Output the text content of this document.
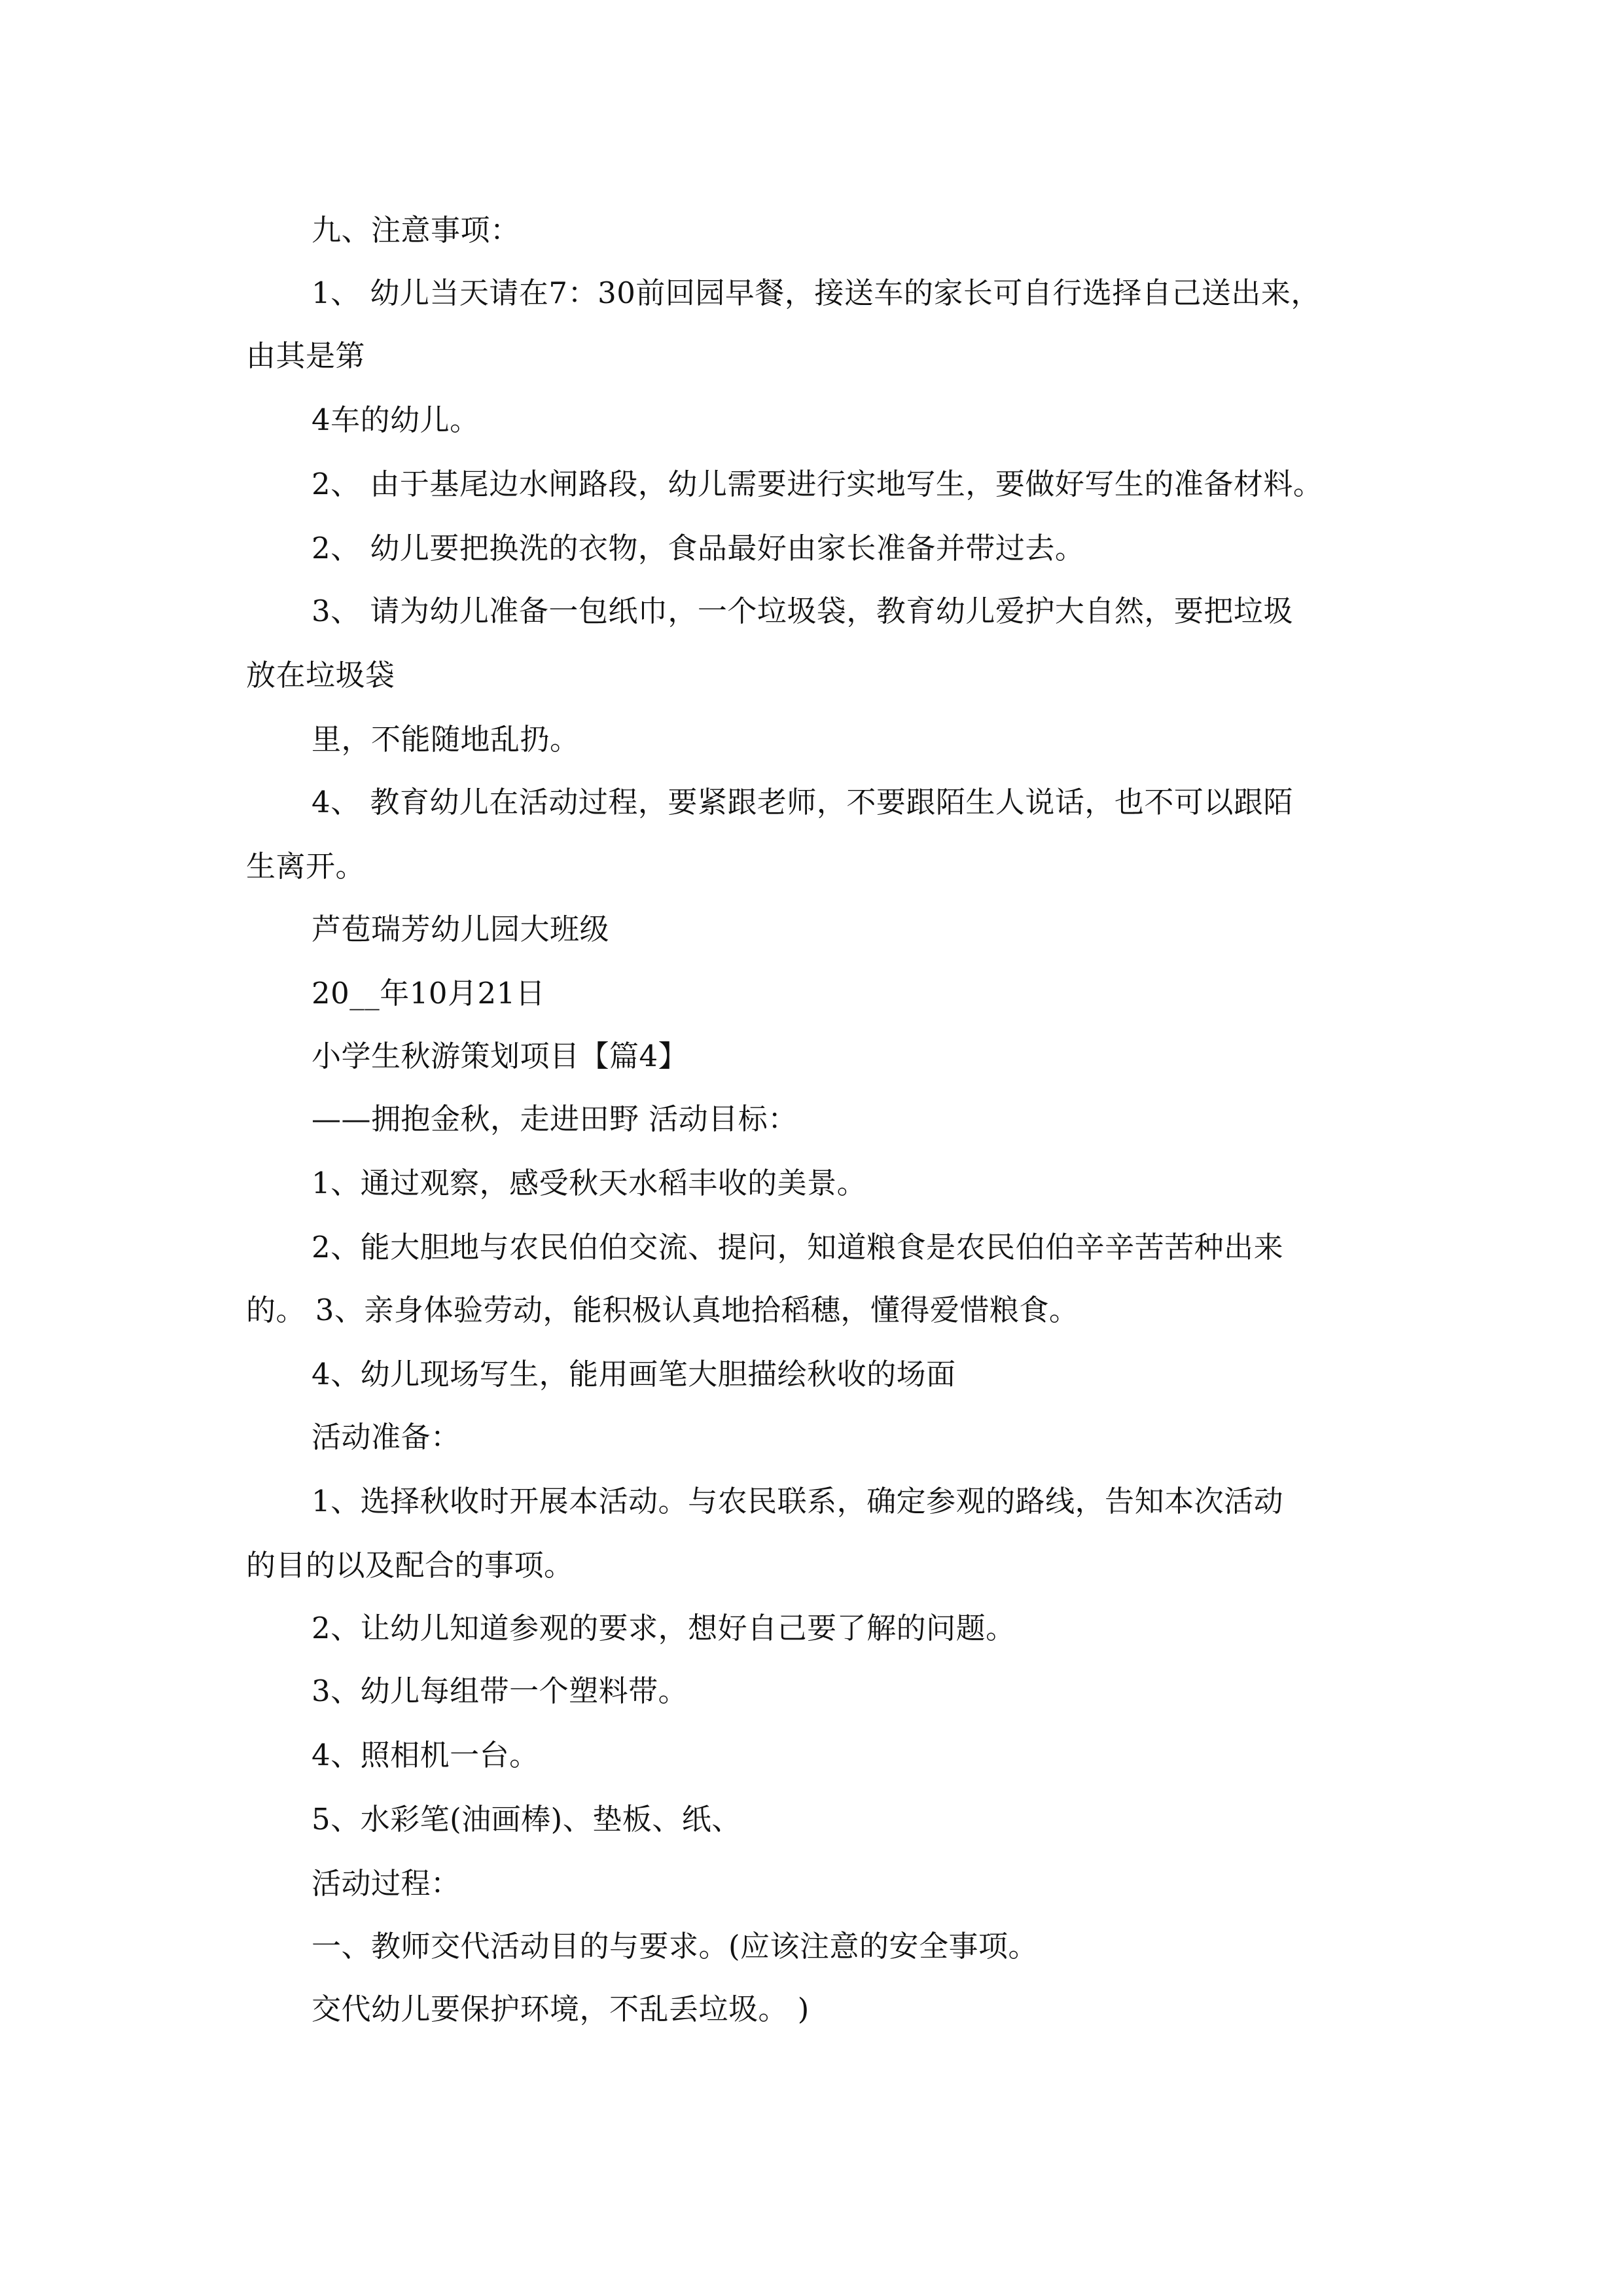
九、注意事项：
1、 幼儿当天请在7：30前回园早餐，接送车的家长可自行选择自己送出来，
由其是第
4车的幼儿。
2、 由于基尾边水闸路段，幼儿需要进行实地写生，要做好写生的准备材料。
2、 幼儿要把换洗的衣物，食品最好由家长准备并带过去。
3、 请为幼儿准备一包纸巾，一个垃圾袋，教育幼儿爱护大自然，要把垃圾
放在垃圾袋
里，不能随地乱扔。
4、 教育幼儿在活动过程，要紧跟老师，不要跟陌生人说话，也不可以跟陌
生离开。
芦苞瑞芳幼儿园大班级
20__年10月21日
小学生秋游策划项目【篇4】
——拥抱金秋，走进田野 活动目标：
1、通过观察，感受秋天水稻丰收的美景。
2、能大胆地与农民伯伯交流、提问，知道粮食是农民伯伯辛辛苦苦种出来
的。 3、亲身体验劳动，能积极认真地拾稻穗，懂得爱惜粮食。
4、幼儿现场写生，能用画笔大胆描绘秋收的场面
活动准备：
1、选择秋收时开展本活动。与农民联系，确定参观的路线，告知本次活动
的目的以及配合的事项。
2、让幼儿知道参观的要求，想好自己要了解的问题。
3、幼儿每组带一个塑料带。
4、照相机一台。
5、水彩笔(油画棒)、垫板、纸、
活动过程：
一、教师交代活动目的与要求。(应该注意的安全事项。
交代幼儿要保护环境，不乱丢垃圾。 )
